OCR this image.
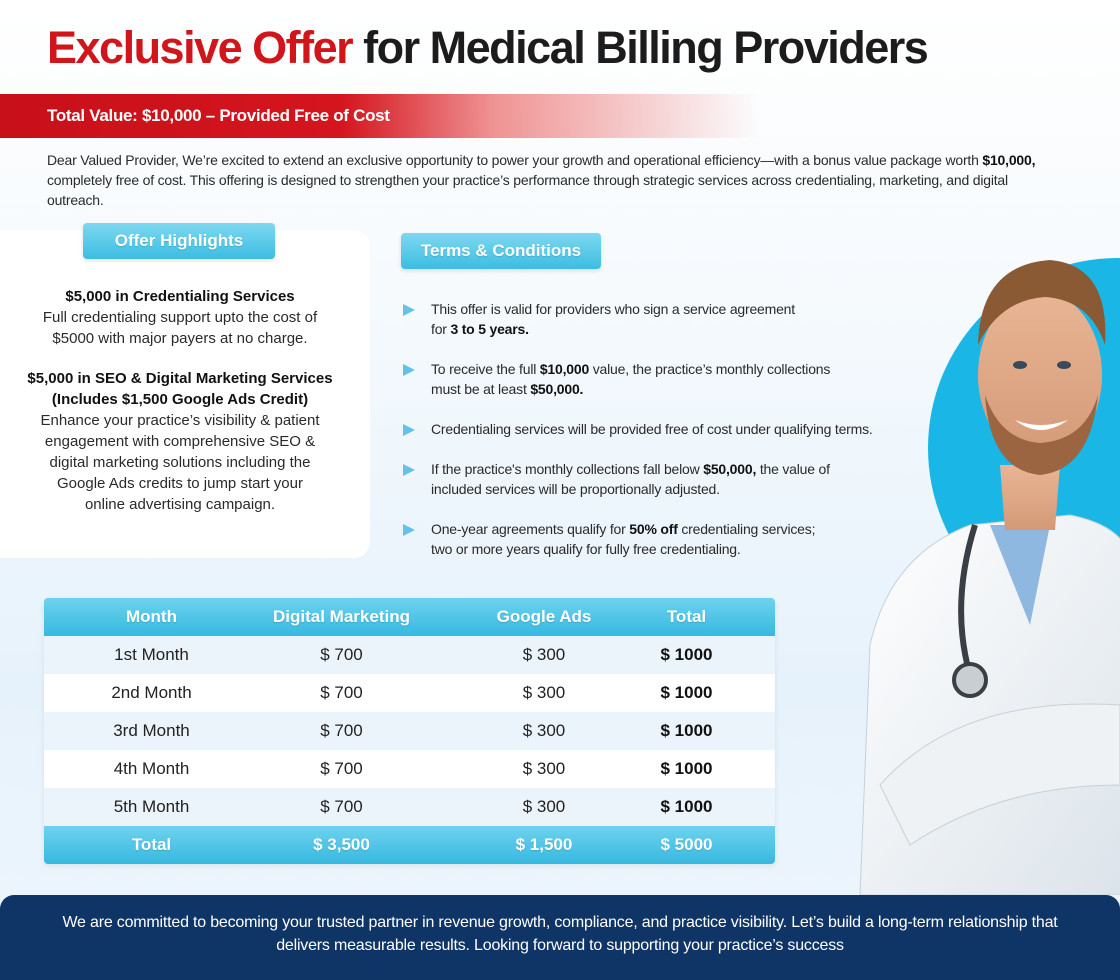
Exclusive Offer for Medical Billing Providers
Total Value: $10,000 – Provided Free of Cost

Dear Valued Provider, We’re excited to extend an exclusive opportunity to power your growth and operational efficiency—with a bonus value package worth $10,000, completely free of cost. This offering is designed to strengthen your practice’s performance through strategic services across credentialing, marketing, and digital outreach.

Offer Highlights
$5,000 in Credentialing Services
Full credentialing support upto the cost of
$5000 with major payers at no charge.
$5,000 in SEO & Digital Marketing Services
(Includes $1,500 Google Ads Credit)
Enhance your practice’s visibility & patient
engagement with comprehensive SEO &
digital marketing solutions including the
Google Ads credits to jump start your
online advertising campaign.
Terms & Conditions
This offer is valid for providers who sign a service agreement
for 3 to 5 years.
To receive the full $10,000 value, the practice’s monthly collections
must be at least $50,000.
Credentialing services will be provided free of cost under qualifying terms.
If the practice's monthly collections fall below $50,000, the value of
included services will be proportionally adjusted.
One-year agreements qualify for 50% off credentialing services;
two or more years qualify for fully free credentialing.
Month	Digital Marketing	Google Ads	Total
1st Month	$ 700	$ 300	$ 1000
2nd Month	$ 700	$ 300	$ 1000
3rd Month	$ 700	$ 300	$ 1000
4th Month	$ 700	$ 300	$ 1000
5th Month	$ 700	$ 300	$ 1000
Total	$ 3,500	$ 1,500	$ 5000

We are committed to becoming your trusted partner in revenue growth, compliance, and practice visibility. Let’s build a long-term relationship that delivers measurable results. Looking forward to supporting your practice’s success
